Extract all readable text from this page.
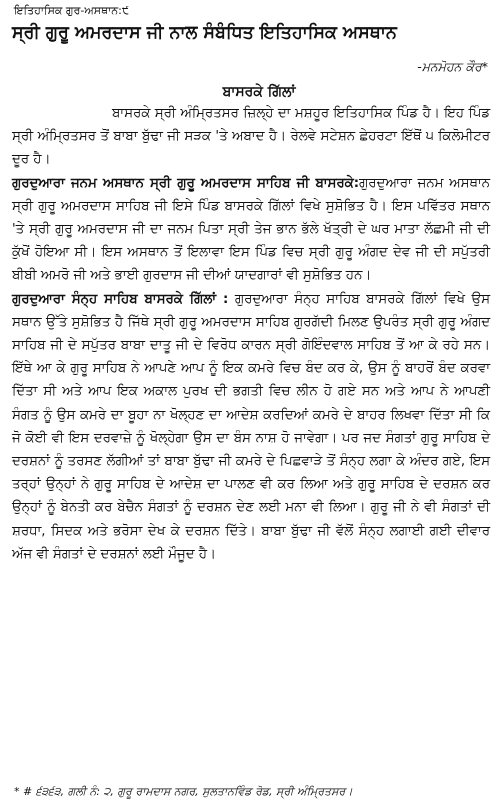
ਇਤਿਹਾਸਿਕ ਗੁਰ-ਅਸਥਾਨ:੯
ਸ੍ਰੀ ਗੁਰੂ ਅਮਰਦਾਸ ਜੀ ਨਾਲ ਸੰਬੰਧਿਤ ਇਤਿਹਾਸਿਕ ਅਸਥਾਨ
-ਮਨਮੋਹਨ ਕੌਰ*
ਬਾਸਰਕੇ ਗਿੱਲਾਂ

ਬਾਸਰਕੇ ਸ੍ਰੀ ਅੰਮ੍ਰਿਤਸਰ ਜ਼ਿਲ੍ਹੇ ਦਾ ਮਸ਼ਹੂਰ ਇਤਿਹਾਸਿਕ ਪਿੰਡ ਹੈ। ਇਹ ਪਿੰਡ ਸ੍ਰੀ ਅੰਮ੍ਰਿਤਸਰ ਤੋਂ ਬਾਬਾ ਬੁੱਢਾ ਜੀ ਸੜਕ 'ਤੇ ਅਬਾਦ ਹੈ। ਰੇਲਵੇ ਸਟੇਸ਼ਨ ਛੇਹਰਟਾ ਇੱਥੋਂ ੫ ਕਿਲੋਮੀਟਰ ਦੂਰ ਹੈ।

ਗੁਰਦੁਆਰਾ ਜਨਮ ਅਸਥਾਨ ਸ੍ਰੀ ਗੁਰੂ ਅਮਰਦਾਸ ਸਾਹਿਬ ਜੀ ਬਾਸਰਕੇ:ਗੁਰਦੁਆਰਾ ਜਨਮ ਅਸਥਾਨ ਸ੍ਰੀ ਗੁਰੂ ਅਮਰਦਾਸ ਸਾਹਿਬ ਜੀ ਇਸੇ ਪਿੰਡ ਬਾਸਰਕੇ ਗਿੱਲਾਂ ਵਿਖੇ ਸੁਸ਼ੋਭਿਤ ਹੈ। ਇਸ ਪਵਿੱਤਰ ਸਥਾਨ 'ਤੇ ਸ੍ਰੀ ਗੁਰੂ ਅਮਰਦਾਸ ਜੀ ਦਾ ਜਨਮ ਪਿਤਾ ਸ੍ਰੀ ਤੇਜ ਭਾਨ ਭੱਲੇ ਖੱਤ੍ਰੀ ਦੇ ਘਰ ਮਾਤਾ ਲੱਛਮੀ ਜੀ ਦੀ ਕੁੱਖੋਂ ਹੋਇਆ ਸੀ। ਇਸ ਅਸਥਾਨ ਤੋਂ ਇਲਾਵਾ ਇਸ ਪਿੰਡ ਵਿਚ ਸ੍ਰੀ ਗੁਰੂ ਅੰਗਦ ਦੇਵ ਜੀ ਦੀ ਸਪੁੱਤਰੀ ਬੀਬੀ ਅਮਰੋ ਜੀ ਅਤੇ ਭਾਈ ਗੁਰਦਾਸ ਜੀ ਦੀਆਂ ਯਾਦਗਾਰਾਂ ਵੀ ਸੁਸ਼ੋਭਿਤ ਹਨ।

ਗੁਰਦੁਆਰਾ ਸੰਨ੍ਹ ਸਾਹਿਬ ਬਾਸਰਕੇ ਗਿੱਲਾਂ : ਗੁਰਦੁਆਰਾ ਸੰਨ੍ਹ ਸਾਹਿਬ ਬਾਸਰਕੇ ਗਿੱਲਾਂ ਵਿਖੇ ਉਸ ਸਥਾਨ ਉੱਤੇ ਸੁਸ਼ੋਭਿਤ ਹੈ ਜਿੱਥੇ ਸ੍ਰੀ ਗੁਰੂ ਅਮਰਦਾਸ ਸਾਹਿਬ ਗੁਰਗੱਦੀ ਮਿਲਣ ਉਪਰੰਤ ਸ੍ਰੀ ਗੁਰੂ ਅੰਗਦ ਸਾਹਿਬ ਜੀ ਦੇ ਸਪੁੱਤਰ ਬਾਬਾ ਦਾਤੂ ਜੀ ਦੇ ਵਿਰੋਧ ਕਾਰਨ ਸ੍ਰੀ ਗੋਇੰਦਵਾਲ ਸਾਹਿਬ ਤੋਂ ਆ ਕੇ ਰਹੇ ਸਨ। ਇੱਥੇ ਆ ਕੇ ਗੁਰੂ ਸਾਹਿਬ ਨੇ ਆਪਣੇ ਆਪ ਨੂੰ ਇਕ ਕਮਰੇ ਵਿਚ ਬੰਦ ਕਰ ਕੇ, ਉਸ ਨੂੰ ਬਾਹਰੋਂ ਬੰਦ ਕਰਵਾ ਦਿੱਤਾ ਸੀ ਅਤੇ ਆਪ ਇਕ ਅਕਾਲ ਪੁਰਖ ਦੀ ਭਗਤੀ ਵਿਚ ਲੀਨ ਹੋ ਗਏ ਸਨ ਅਤੇ ਆਪ ਨੇ ਆਪਣੀ ਸੰਗਤ ਨੂੰ ਉਸ ਕਮਰੇ ਦਾ ਬੂਹਾ ਨਾ ਖੋਲ੍ਹਣ ਦਾ ਆਦੇਸ਼ ਕਰਦਿਆਂ ਕਮਰੇ ਦੇ ਬਾਹਰ ਲਿਖਵਾ ਦਿੱਤਾ ਸੀ ਕਿ ਜੋ ਕੋਈ ਵੀ ਇਸ ਦਰਵਾਜ਼ੇ ਨੂੰ ਖੋਲ੍ਹੇਗਾ ਉਸ ਦਾ ਬੰਸ ਨਾਸ਼ ਹੋ ਜਾਵੇਗਾ। ਪਰ ਜਦ ਸੰਗਤਾਂ ਗੁਰੂ ਸਾਹਿਬ ਦੇ ਦਰਸ਼ਨਾਂ ਨੂੰ ਤਰਸਣ ਲੱਗੀਆਂ ਤਾਂ ਬਾਬਾ ਬੁੱਢਾ ਜੀ ਕਮਰੇ ਦੇ ਪਿਛਵਾੜੇ ਤੋਂ ਸੰਨ੍ਹ ਲਗਾ ਕੇ ਅੰਦਰ ਗਏ, ਇਸ ਤਰ੍ਹਾਂ ਉਨ੍ਹਾਂ ਨੇ ਗੁਰੂ ਸਾਹਿਬ ਦੇ ਆਦੇਸ਼ ਦਾ ਪਾਲਣ ਵੀ ਕਰ ਲਿਆ ਅਤੇ ਗੁਰੂ ਸਾਹਿਬ ਦੇ ਦਰਸ਼ਨ ਕਰ ਉਨ੍ਹਾਂ ਨੂੰ ਬੇਨਤੀ ਕਰ ਬੇਚੈਨ ਸੰਗਤਾਂ ਨੂੰ ਦਰਸ਼ਨ ਦੇਣ ਲਈ ਮਨਾ ਵੀ ਲਿਆ। ਗੁਰੂ ਜੀ ਨੇ ਵੀ ਸੰਗਤਾਂ ਦੀ ਸ਼ਰਧਾ, ਸਿਦਕ ਅਤੇ ਭਰੋਸਾ ਦੇਖ ਕੇ ਦਰਸ਼ਨ ਦਿੱਤੇ। ਬਾਬਾ ਬੁੱਢਾ ਜੀ ਵੱਲੋਂ ਸੰਨ੍ਹ ਲਗਾਈ ਗਈ ਦੀਵਾਰ ਅੱਜ ਵੀ ਸੰਗਤਾਂ ਦੇ ਦਰਸ਼ਨਾਂ ਲਈ ਮੌਜੂਦ ਹੈ।

* # ੬੩੬੩, ਗਲੀ ਨੰ: ੨, ਗੁਰੂ ਰਾਮਦਾਸ ਨਗਰ, ਸੁਲਤਾਨਵਿੰਡ ਰੋਡ, ਸ੍ਰੀ ਅੰਮ੍ਰਿਤਸਰ।
